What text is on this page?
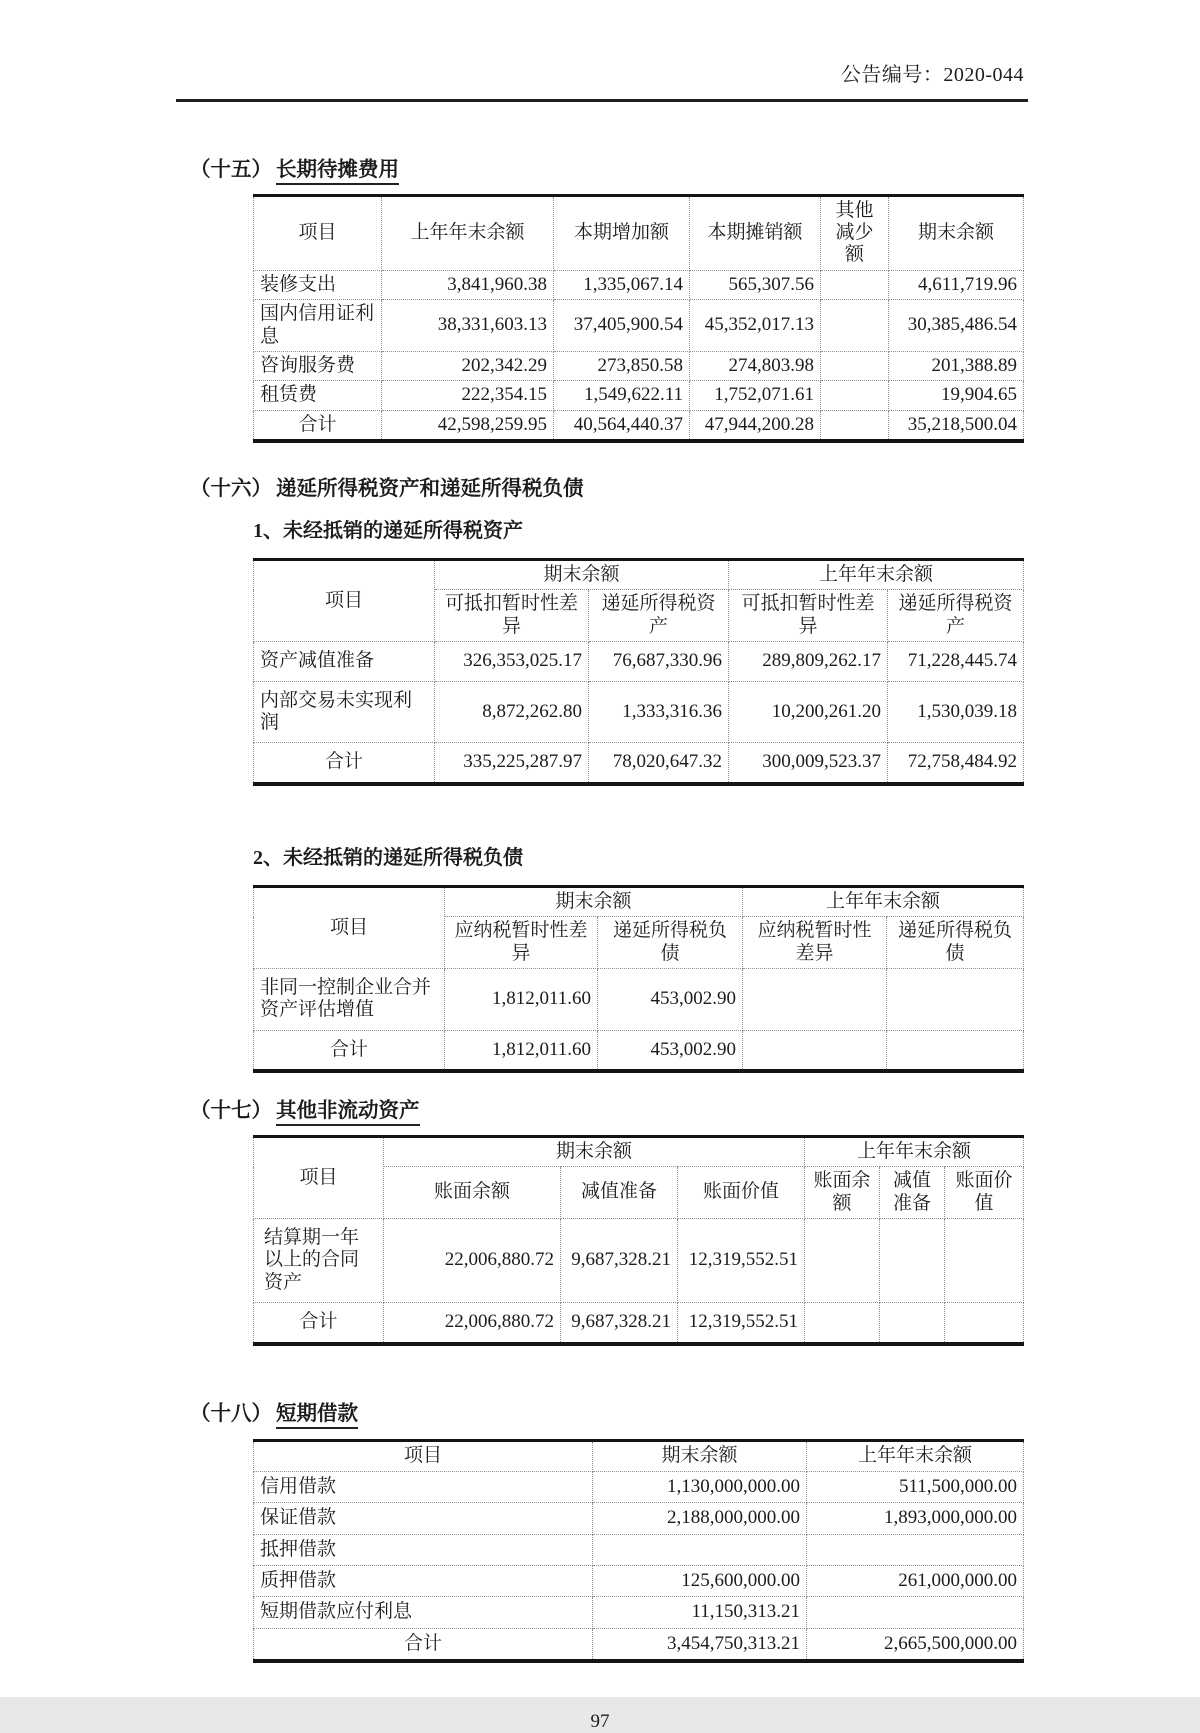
公告编号：2020-044

（十五） 长期待摊费用

项目	上年年末余额	本期增加额	本期摊销额	其他减少额	期末余额
装修支出	3,841,960.38	1,335,067.14	565,307.56		4,611,719.96
国内信用证利息	38,331,603.13	37,405,900.54	45,352,017.13		30,385,486.54
咨询服务费	202,342.29	273,850.58	274,803.98		201,388.89
租赁费	222,354.15	1,549,622.11	1,752,071.61		19,904.65
合计	42,598,259.95	40,564,440.37	47,944,200.28		35,218,500.04

（十六） 递延所得税资产和递延所得税负债

1、未经抵销的递延所得税资产

项目	期末余额		上年年末余额	
	可抵扣暂时性差异	递延所得税资产	可抵扣暂时性差异	递延所得税资产
资产减值准备	326,353,025.17	76,687,330.96	289,809,262.17	71,228,445.74
内部交易未实现利润	8,872,262.80	1,333,316.36	10,200,261.20	1,530,039.18
合计	335,225,287.97	78,020,647.32	300,009,523.37	72,758,484.92

2、未经抵销的递延所得税负债

项目	期末余额		上年年末余额	
	应纳税暂时性差异	递延所得税负债	应纳税暂时性差异	递延所得税负债
非同一控制企业合并资产评估增值	1,812,011.60	453,002.90		
合计	1,812,011.60	453,002.90		

（十七） 其他非流动资产

项目	期末余额			上年年末余额		
	账面余额	减值准备	账面价值	账面余额	减值准备	账面价值
结算期一年以上的合同资产	22,006,880.72	9,687,328.21	12,319,552.51			
合计	22,006,880.72	9,687,328.21	12,319,552.51			

（十八） 短期借款

项目	期末余额	上年年末余额
信用借款	1,130,000,000.00	511,500,000.00
保证借款	2,188,000,000.00	1,893,000,000.00
抵押借款		
质押借款	125,600,000.00	261,000,000.00
短期借款应付利息	11,150,313.21	
合计	3,454,750,313.21	2,665,500,000.00
97
